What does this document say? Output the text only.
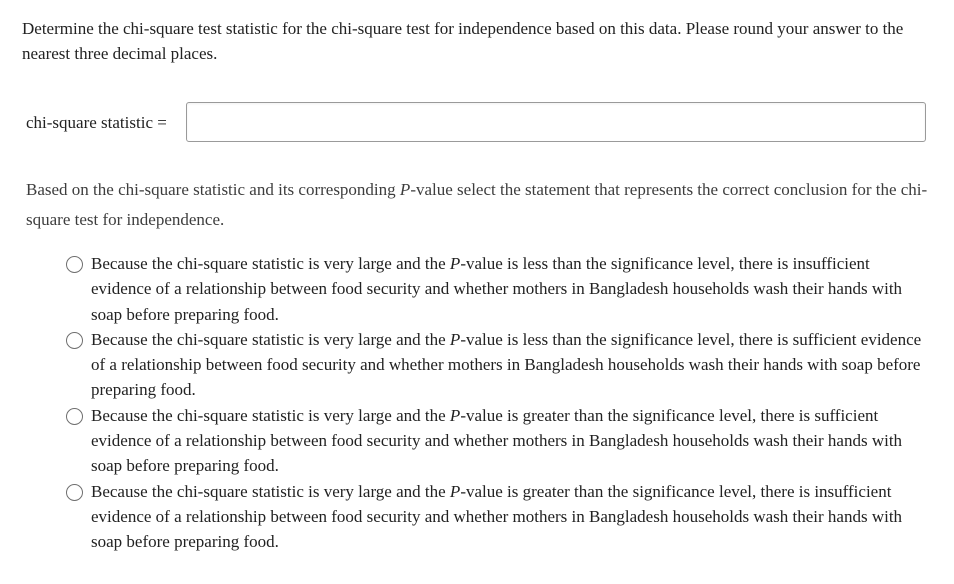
Determine the chi-square test statistic for the chi-square test for independence based on this data. Please round your answer to the nearest three decimal places.
chi-square statistic =
Based on the chi-square statistic and its corresponding P-value select the statement that represents the correct conclusion for the chi-square test for independence.
Because the chi-square statistic is very large and the P-value is less than the significance level, there is insufficient evidence of a relationship between food security and whether mothers in Bangladesh households wash their hands with soap before preparing food.
Because the chi-square statistic is very large and the P-value is less than the significance level, there is sufficient evidence of a relationship between food security and whether mothers in Bangladesh households wash their hands with soap before preparing food.
Because the chi-square statistic is very large and the P-value is greater than the significance level, there is sufficient evidence of a relationship between food security and whether mothers in Bangladesh households wash their hands with soap before preparing food.
Because the chi-square statistic is very large and the P-value is greater than the significance level, there is insufficient evidence of a relationship between food security and whether mothers in Bangladesh households wash their hands with soap before preparing food.
